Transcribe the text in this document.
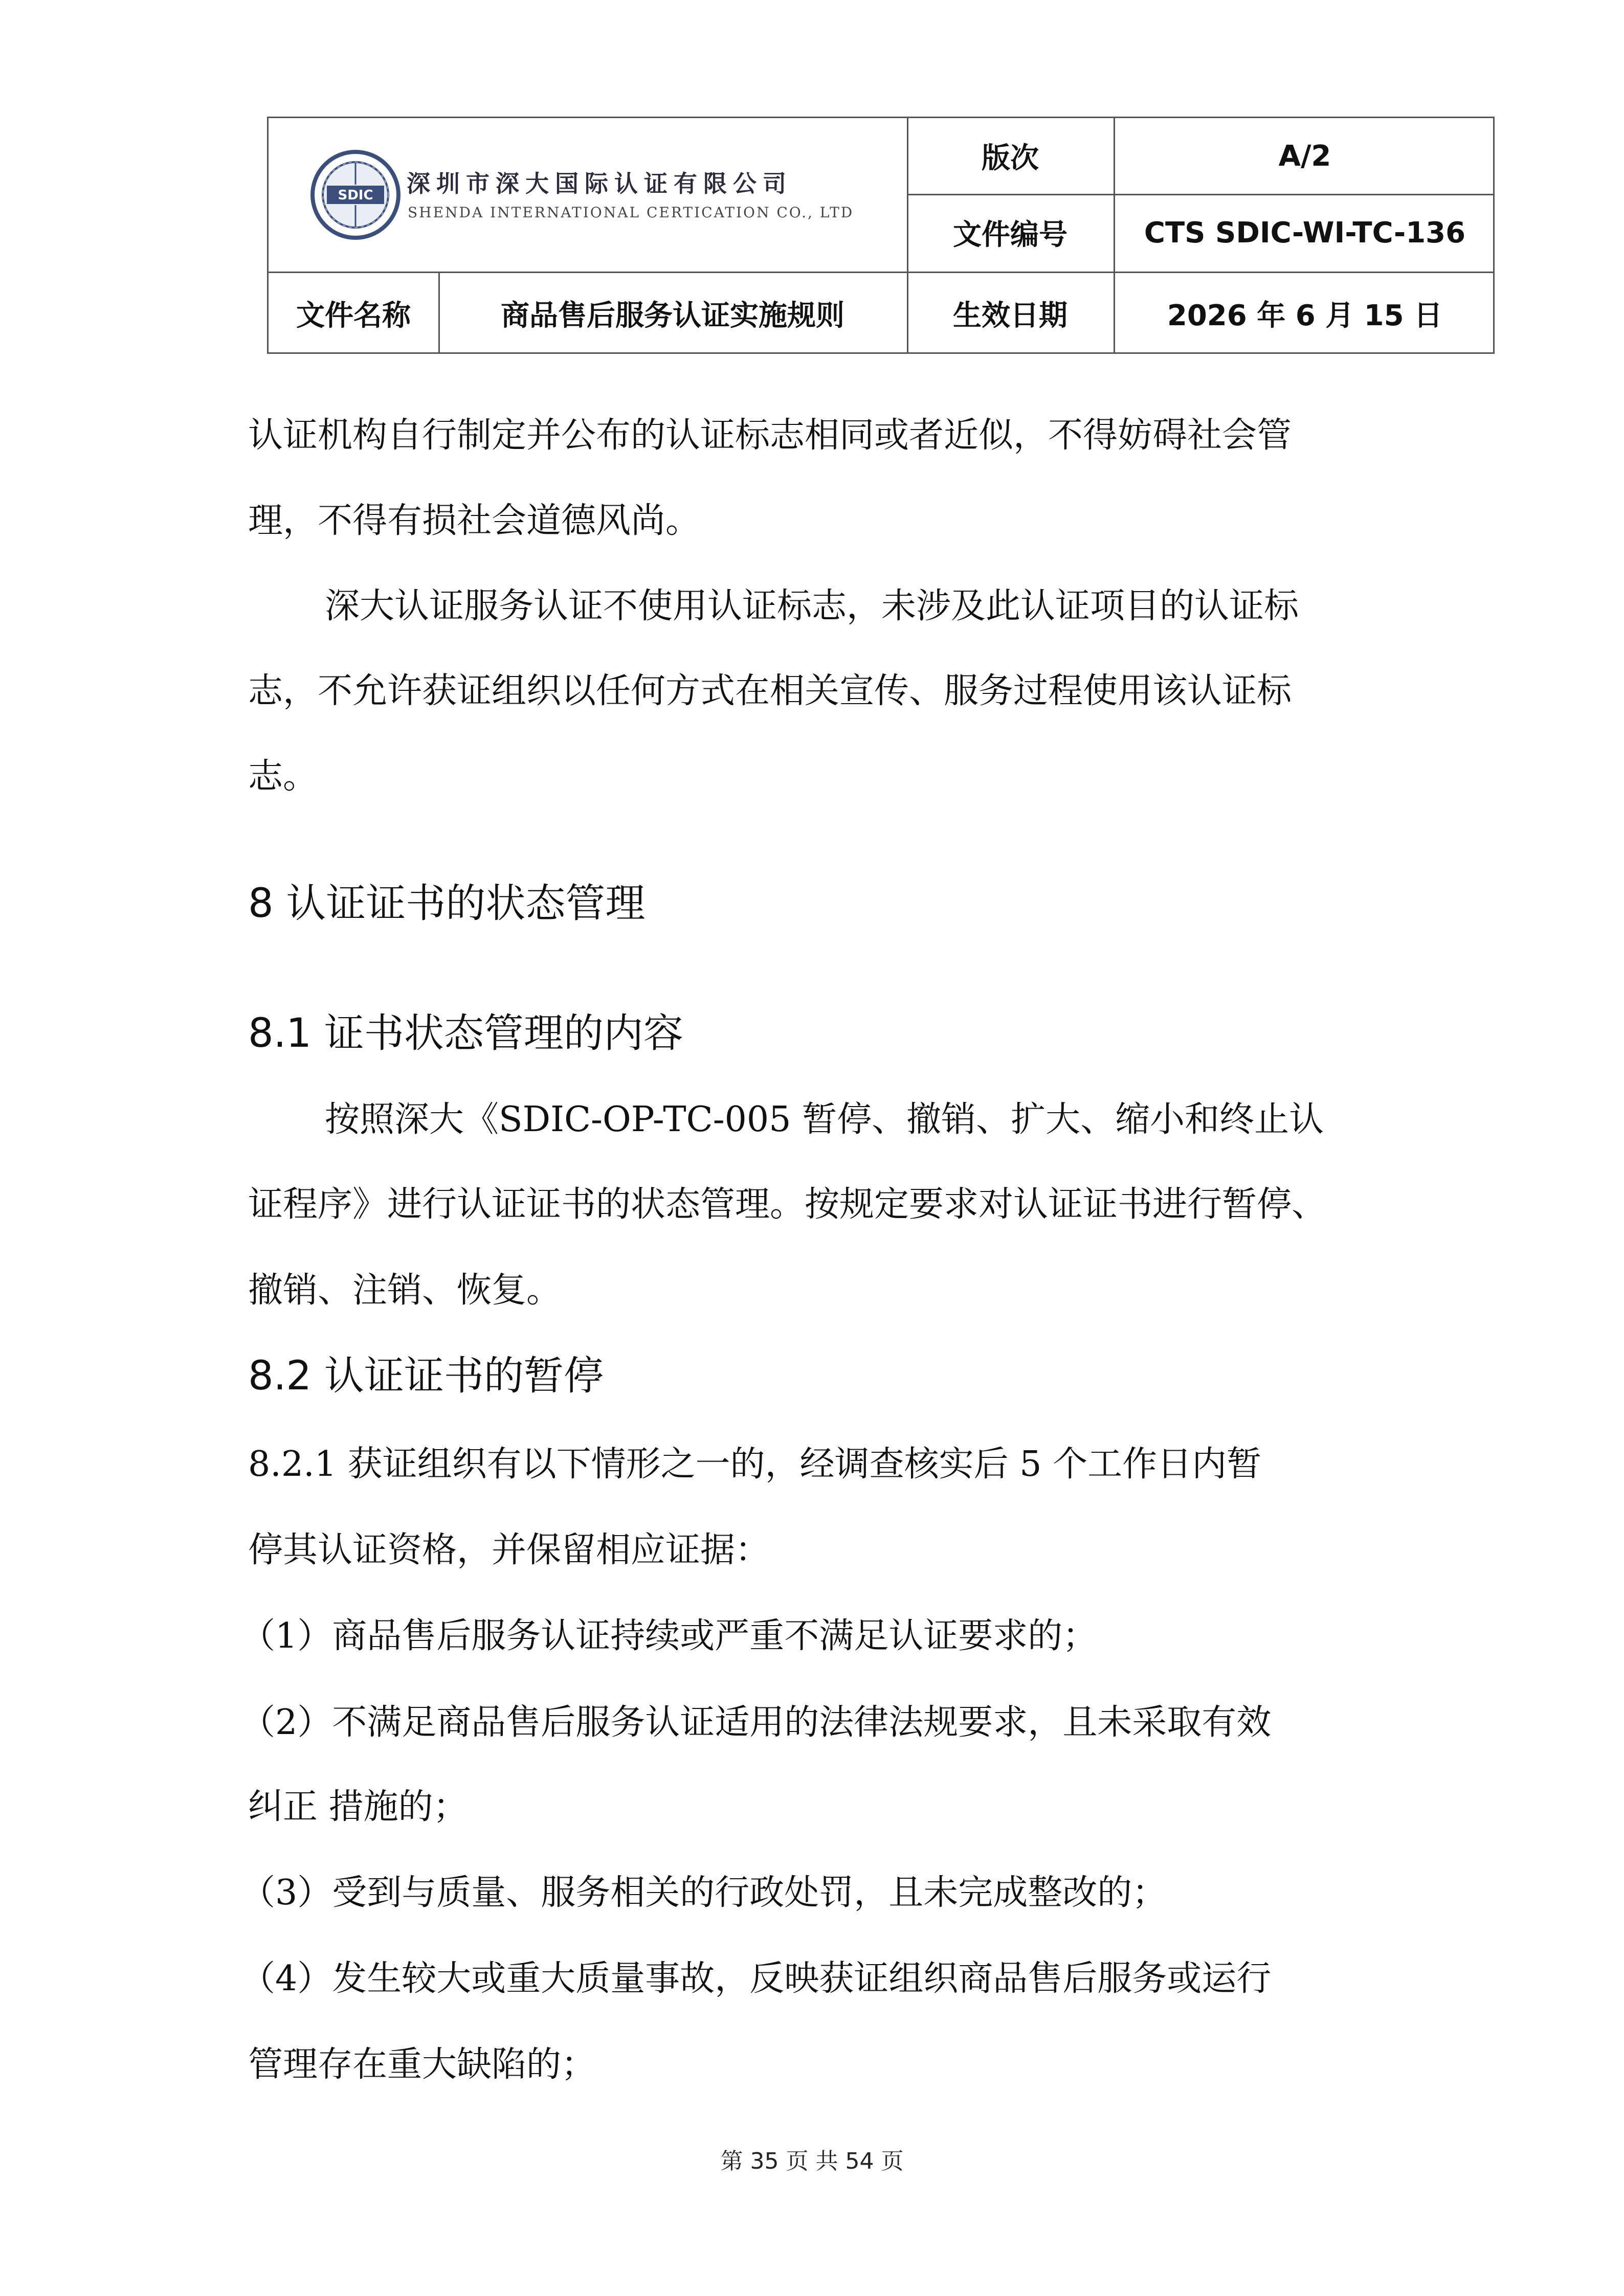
SDIC 深圳市深大国际认证有限公司
SHENDA INTERNATIONAL CERTICATION CO., LTD
版次	A/2
文件编号	CTS SDIC-WI-TC-136
文件名称	商品售后服务认证实施规则	生效日期	2026 年 6 月 15 日
认证机构自行制定并公布的认证标志相同或者近似，不得妨碍社会管
理，不得有损社会道德风尚。
深大认证服务认证不使用认证标志，未涉及此认证项目的认证标
志，不允许获证组织以任何方式在相关宣传、服务过程使用该认证标
志。
8 认证证书的状态管理
8.1 证书状态管理的内容
按照深大《SDIC-OP-TC-005 暂停、撤销、扩大、缩小和终止认
证程序》进行认证证书的状态管理。按规定要求对认证证书进行暂停、
撤销、注销、恢复。
8.2 认证证书的暂停
8.2.1 获证组织有以下情形之一的，经调查核实后 5 个工作日内暂
停其认证资格，并保留相应证据：
（1）商品售后服务认证持续或严重不满足认证要求的；
（2）不满足商品售后服务认证适用的法律法规要求，且未采取有效
纠正 措施的；
（3）受到与质量、服务相关的行政处罚，且未完成整改的；
（4）发生较大或重大质量事故，反映获证组织商品售后服务或运行
管理存在重大缺陷的；
第 35 页 共 54 页
